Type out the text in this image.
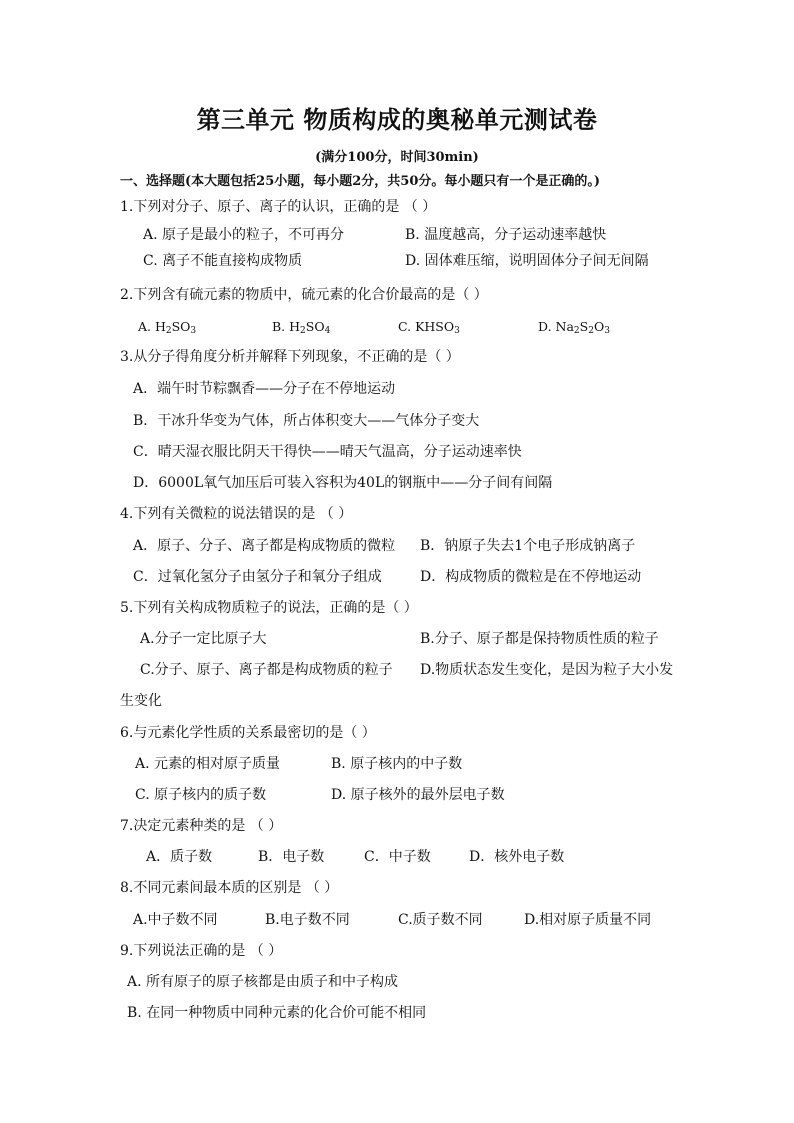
第三单元 物质构成的奥秘单元测试卷
(满分100分，时间30min)
一、选择题(本大题包括25小题，每小题2分，共50分。每小题只有一个是正确的。)
1.下列对分子、原子、离子的认识，正确的是 （ ）
A. 原子是最小的粒子，不可再分	B. 温度越高，分子运动速率越快
C. 离子不能直接构成物质	D. 固体难压缩，说明固体分子间无间隔
2.下列含有硫元素的物质中，硫元素的化合价最高的是（ ）
A. $H_2SO_3$	B. $H_2SO_4$	C. $KHSO_3$	D. $Na_2S_2O_3$
3.从分子得角度分析并解释下列现象，不正确的是（ ）
A．端午时节粽飘香——分子在不停地运动
B．干冰升华变为气体，所占体积变大——气体分子变大
C．晴天湿衣服比阴天干得快——晴天气温高，分子运动速率快
D．6000L氧气加压后可装入容积为40L的钢瓶中——分子间有间隔
4.下列有关微粒的说法错误的是 （ ）
A．原子、分子、离子都是构成物质的微粒 B．钠原子失去1个电子形成钠离子
C．过氧化氢分子由氢分子和氧分子组成	D．构成物质的微粒是在不停地运动
5.下列有关构成物质粒子的说法，正确的是（ ）
A.分子一定比原子大	B.分子、原子都是保持物质性质的粒子
C.分子、原子、离子都是构成物质的粒子 D.物质状态发生变化，是因为粒子大小发
生变化
6.与元素化学性质的关系最密切的是（ ）
A. 元素的相对原子质量	B. 原子核内的中子数
C. 原子核内的质子数	D. 原子核外的最外层电子数
7.决定元素种类的是 （ ）
A．质子数	B．电子数	C．中子数	D．核外电子数
8.不同元素间最本质的区别是 （ ）
A.中子数不同	B.电子数不同	C.质子数不同	D.相对原子质量不同
9.下列说法正确的是 （ ）
A. 所有原子的原子核都是由质子和中子构成
B. 在同一种物质中同种元素的化合价可能不相同
